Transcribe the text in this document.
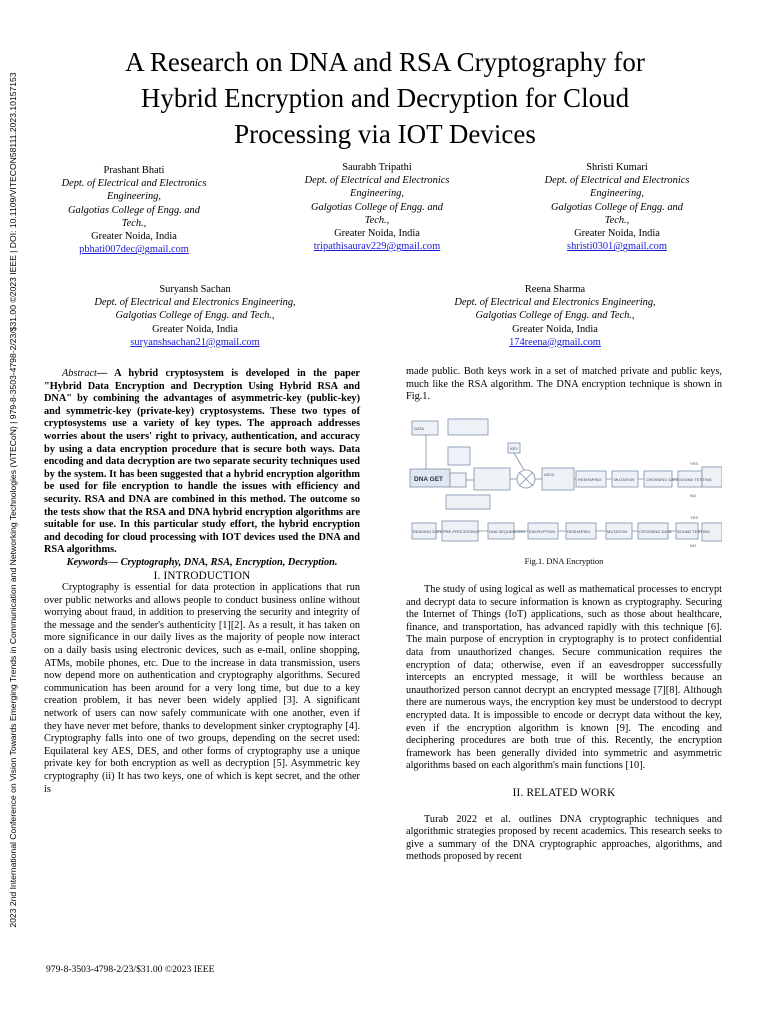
2023 2nd International Conference on Vision Towards Emerging Trends in Communication and Networking Technologies (ViTECoN) | 979-8-3503-4798-2/23/$31.00 ©2023 IEEE | DOI: 10.1109/VITECON58111.2023.10157153
A Research on DNA and RSA Cryptography for
Hybrid Encryption and Decryption for Cloud
Processing via IOT Devices
Prashant Bhati
Dept. of Electrical and Electronics
Engineering,
Galgotias College of Engg. and
Tech.,
Greater Noida, India
pbhati007dec@gmail.com
Saurabh Tripathi
Dept. of Electrical and Electronics
Engineering,
Galgotias College of Engg. and
Tech.,
Greater Noida, India
tripathisaurav229@gmail.com
Shristi Kumari
Dept. of Electrical and Electronics
Engineering,
Galgotias College of Engg. and
Tech.,
Greater Noida, India
shristi0301@gmail.com
Suryansh Sachan
Dept. of Electrical and Electronics Engineering,
Galgotias College of Engg. and Tech.,
Greater Noida, India
suryanshsachan21@gmail.com
Reena Sharma
Dept. of Electrical and Electronics Engineering,
Galgotias College of Engg. and Tech.,
Greater Noida, India
174reena@gmail.com

Abstract— A hybrid cryptosystem is developed in the paper "Hybrid Data Encryption and Decryption Using Hybrid RSA and DNA" by combining the advantages of asymmetric-key (public-key) and symmetric-key (private-key) cryptosystems. These two types of cryptosystems use a variety of key types. The approach addresses worries about the users' right to privacy, authentication, and accuracy by using a data encryption procedure that is secure both ways. Data encoding and data decryption are two separate security techniques used by the system. It has been suggested that a hybrid encryption algorithm be used for file encryption to handle the issues with efficiency and security. RSA and DNA are combined in this method. The outcome so the tests show that the RSA and DNA hybrid encryption algorithms are suitable for use. In this particular study effort, the hybrid encryption and decoding for cloud processing with IOT devices used the DNA and RSA algorithms.

Keywords— Cryptography, DNA, RSA, Encryption, Decryption.

I. INTRODUCTION

Cryptography is essential for data protection in applications that run over public networks and allows people to conduct business online without worrying about fraud, in addition to preserving the security and integrity of the message and the sender's authenticity [1][2]. As a result, it has taken on more significance in our daily lives as the majority of people now interact on a daily basis using electronic devices, such as e-mail, online shopping, ATMs, mobile phones, etc. Due to the increase in data transmission, users now depend more on authentication and cryptography algorithms. Secured communication has been around for a very long time, but due to a key creation problem, it has never been widely applied [3]. A significant network of users can now safely communicate with one another, even if they have never met before, thanks to development sinker cryptography [4]. Cryptography falls into one of two groups, depending on the secret used: Equilateral key AES, DES, and other forms of cryptography use a unique private key for both encryption as well as decryption [5]. Asymmetric key cryptography (ii) It has two keys, one of which is kept secret, and the other is

made public. Both keys work in a set of matched private and public keys, much like the RSA algorithm. The DNA encryption technique is shown in Fig.1.

DATA
ASCII
RESHAPING	MUTATION	CROSSING DATA SOUND TESTING
READING DATA PRE-PROCESSING DNA SEQUENCING ENCRYPTION	RESHAPING	MUTATION	CROSSING DATA SOUND TESTING
KEY
YES
NO
YES
NO
DNA GET
Fig.1. DNA Encryption

The study of using logical as well as mathematical processes to encrypt and decrypt data to secure information is known as cryptography. Securing the Internet of Things (IoT) applications, such as those about healthcare, finance, and transportation, has advanced rapidly with this technique [6]. The main purpose of encryption in cryptography is to protect confidential data from unauthorized changes. Secure communication requires the encryption of data; otherwise, even if an eavesdropper successfully intercepts an encrypted message, it will be worthless because an unauthorized person cannot decrypt an encrypted message [7][8]. Although there are numerous ways, the encryption key must be understood to decrypt encrypted data. It is impossible to encode or decrypt data without the key, even if the encryption algorithm is known [9]. The encoding and deciphering procedures are both true of this. Recently, the encryption framework has been generally divided into symmetric and asymmetric algorithms based on each algorithm's main functions [10].

II. RELATED WORK

Turab 2022 et al. outlines DNA cryptographic techniques and algorithmic strategies proposed by recent academics. This research seeks to give a summary of the DNA cryptographic approaches, algorithms, and methods proposed by recent

979-8-3503-4798-2/23/$31.00 ©2023 IEEE
